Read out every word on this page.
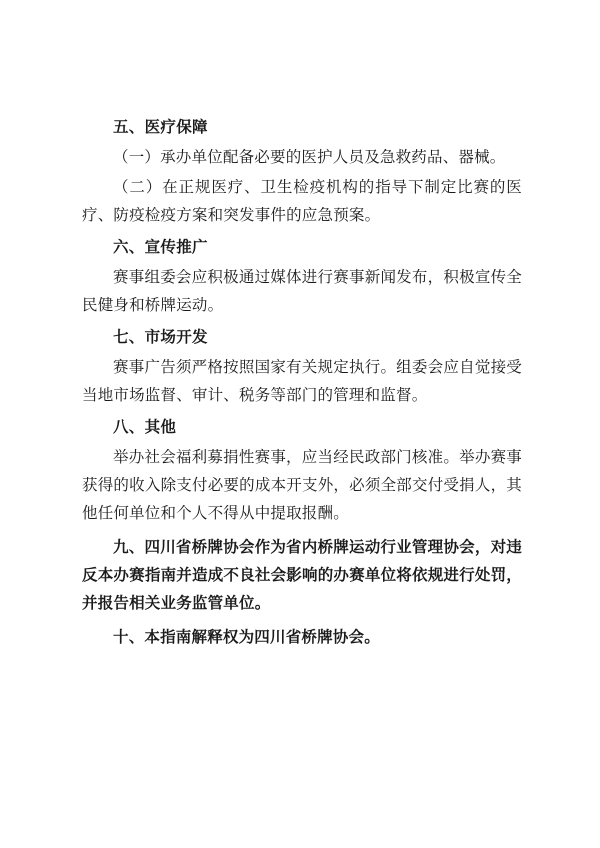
五、医疗保障

（一）承办单位配备必要的医护人员及急救药品、器械。

（二）在正规医疗、卫生检疫机构的指导下制定比赛的医疗、防疫检疫方案和突发事件的应急预案。

六、宣传推广

赛事组委会应积极通过媒体进行赛事新闻发布，积极宣传全民健身和桥牌运动。

七、市场开发

赛事广告须严格按照国家有关规定执行。组委会应自觉接受当地市场监督、审计、税务等部门的管理和监督。

八、其他

举办社会福利募捐性赛事，应当经民政部门核准。举办赛事获得的收入除支付必要的成本开支外，必须全部交付受捐人，其他任何单位和个人不得从中提取报酬。

九、四川省桥牌协会作为省内桥牌运动行业管理协会，对违反本办赛指南并造成不良社会影响的办赛单位将依规进行处罚，并报告相关业务监管单位。

十、本指南解释权为四川省桥牌协会。
